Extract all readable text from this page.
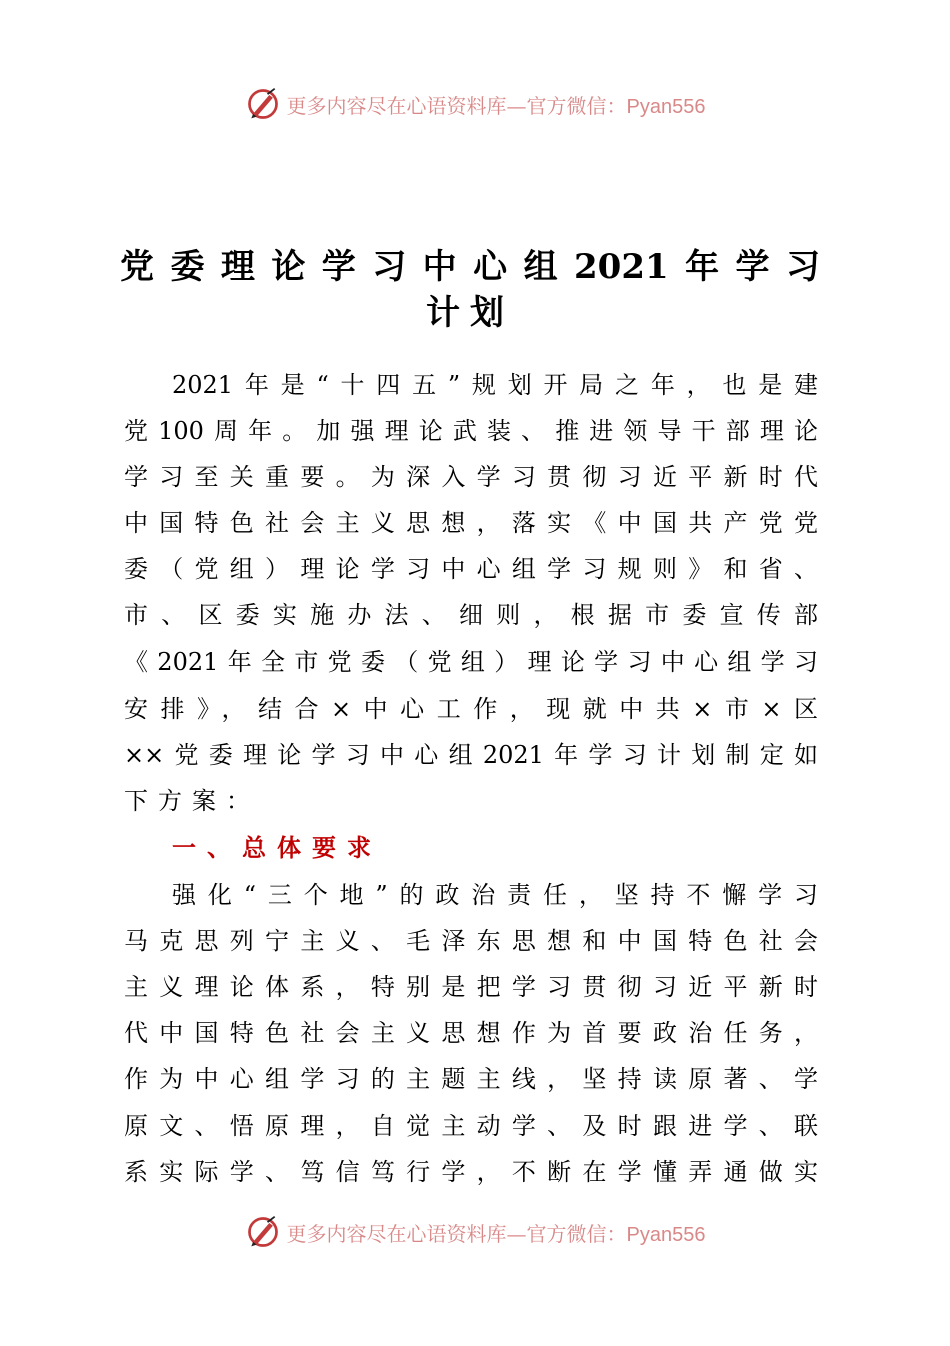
更多内容尽在心语资料库—官方微信：Pyan556
党委理论学习中心组2021年学习
计划
2021年是“十四五”规划开局之年，也是建
党100周年。加强理论武装、推进领导干部理论
学习至关重要。为深入学习贯彻习近平新时代
中国特色社会主义思想，落实《中国共产党党
委（党组）理论学习中心组学习规则》和省、
市、区委实施办法、细则，根据市委宣传部
《2021年全市党委（党组）理论学习中心组学习
安排》，结合×中心工作，现就中共×市×区
××党委理论学习中心组2021年学习计划制定如
下方案：
一、总体要求
强化“三个地”的政治责任，坚持不懈学习
马克思列宁主义、毛泽东思想和中国特色社会
主义理论体系，特别是把学习贯彻习近平新时
代中国特色社会主义思想作为首要政治任务，
作为中心组学习的主题主线，坚持读原著、学
原文、悟原理，自觉主动学、及时跟进学、联
系实际学、笃信笃行学，不断在学懂弄通做实
更多内容尽在心语资料库—官方微信：Pyan556
